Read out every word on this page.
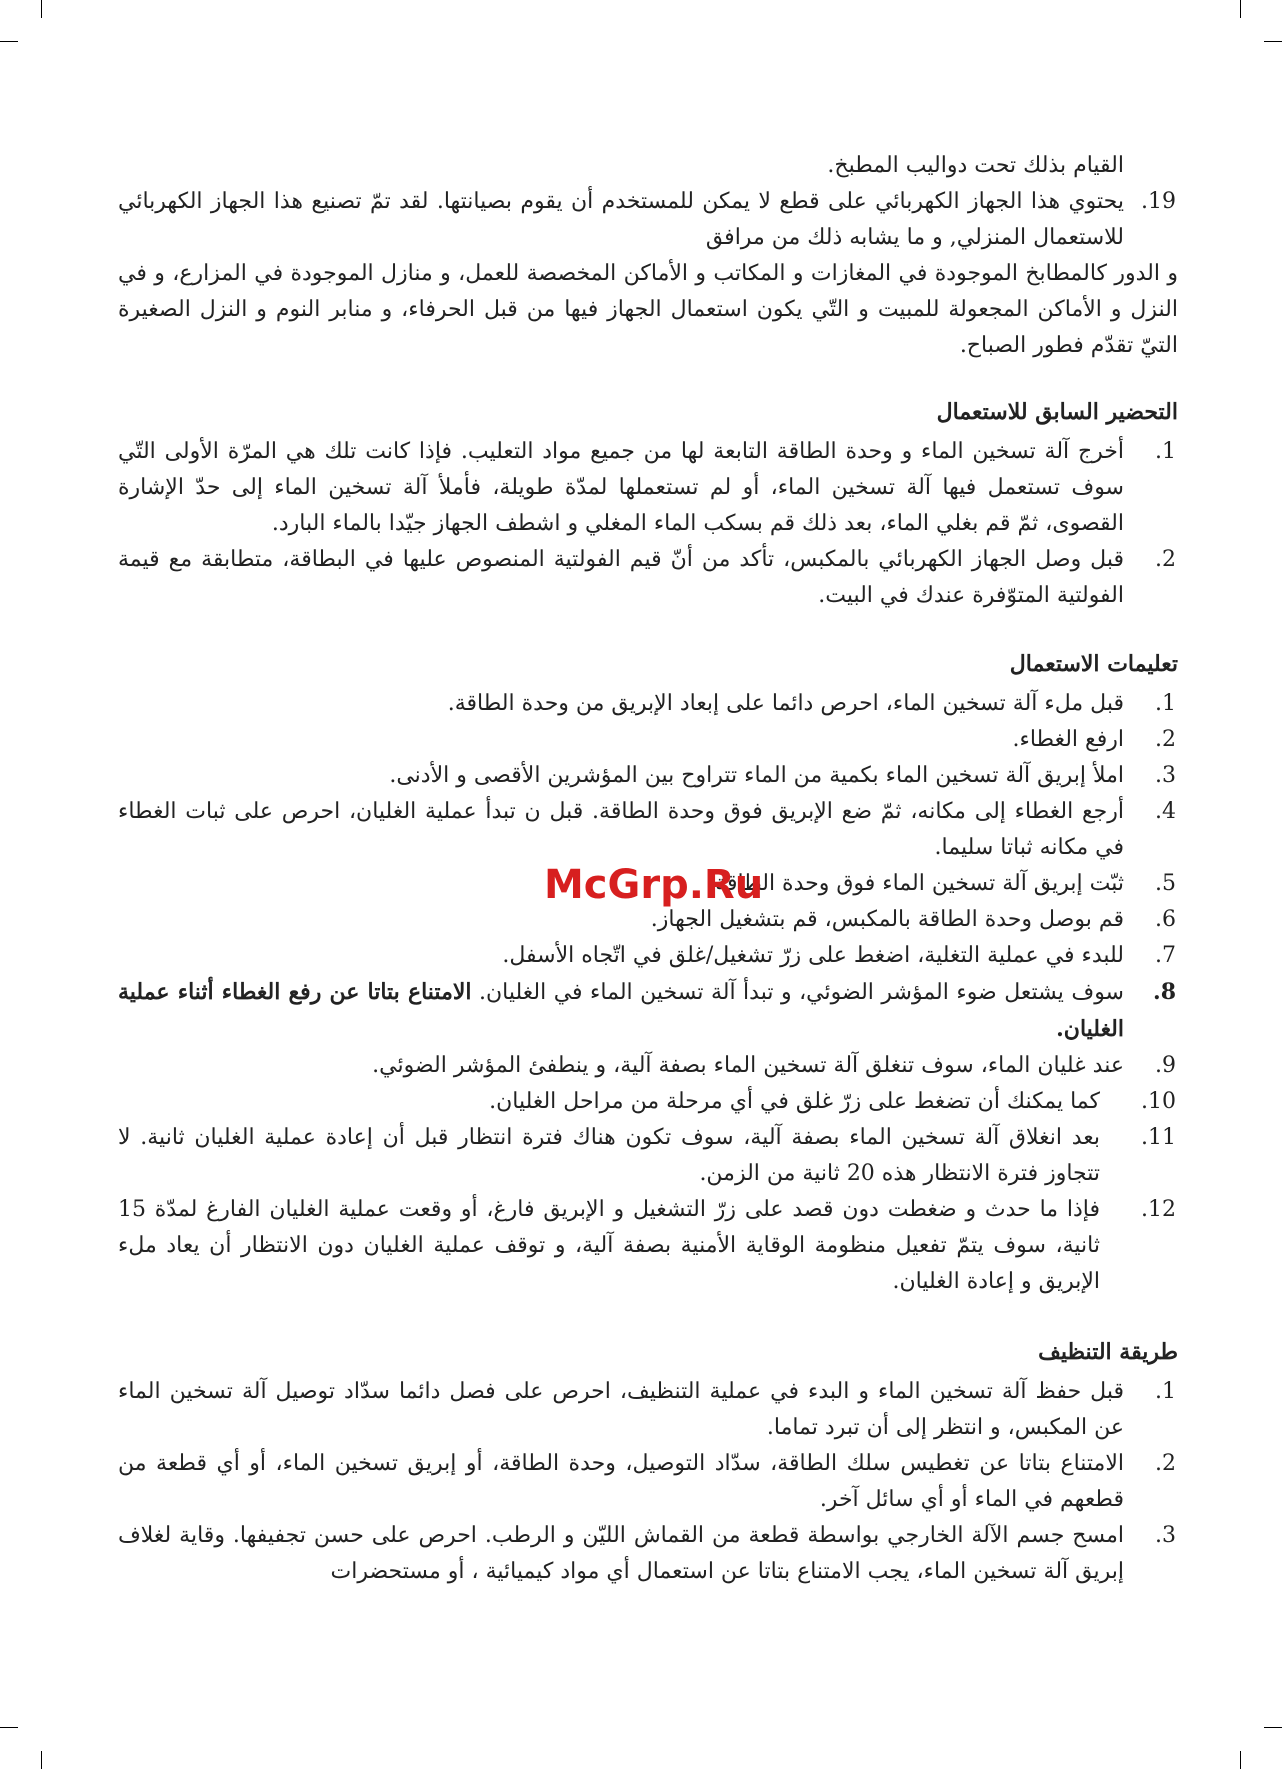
القيام بذلك تحت دواليب المطبخ.
.19
يحتوي هذا الجهاز الكهربائي على قطع لا يمكن للمستخدم أن يقوم بصيانتها. لقد تمّ تصنيع هذا الجهاز الكهربائي للاستعمال المنزلي, و ما يشابه ذلك من مرافق
و الدور كالمطابخ الموجودة في المغازات و المكاتب و الأماكن المخصصة للعمل، و منازل الموجودة في المزارع، و في النزل و الأماكن المجعولة للمبيت و التّي يكون استعمال الجهاز فيها من قبل الحرفاء، و منابر النوم و النزل الصغيرة التيّ تقدّم فطور الصباح.
التحضير السابق للاستعمال
.1
أخرج آلة تسخين الماء و وحدة الطاقة التابعة لها من جميع مواد التعليب. فإذا كانت تلك هي المرّة الأولى التّي سوف تستعمل فيها آلة تسخين الماء، أو لم تستعملها لمدّة طويلة، فأملأ آلة تسخين الماء إلى حدّ الإشارة القصوى، ثمّ قم بغلي الماء، بعد ذلك قم بسكب الماء المغلي و اشطف الجهاز جيّدا بالماء البارد.
.2
قبل وصل الجهاز الكهربائي بالمكبس، تأكد من أنّ قيم الفولتية المنصوص عليها في البطاقة، متطابقة مع قيمة الفولتية المتوّفرة عندك في البيت.
تعليمات الاستعمال
.1
قبل ملء آلة تسخين الماء، احرص دائما على إبعاد الإبريق من وحدة الطاقة.
.2
ارفع الغطاء.
.3
املأ إبريق آلة تسخين الماء بكمية من الماء تتراوح بين المؤشرين الأقصى و الأدنى.
.4
أرجع الغطاء إلى مكانه، ثمّ ضع الإبريق فوق وحدة الطاقة. قبل ن تبدأ عملية الغليان، احرص على ثبات الغطاء في مكانه ثباتا سليما.
.5
ثبّت إبريق آلة تسخين الماء فوق وحدة الطاقة.
.6
قم بوصل وحدة الطاقة بالمكبس، قم بتشغيل الجهاز.
.7
للبدء في عملية التغلية، اضغط على زرّ تشغيل/غلق في اتّجاه الأسفل.
.8
سوف يشتعل ضوء المؤشر الضوئي، و تبدأ آلة تسخين الماء في الغليان. الامتناع بتاتا عن رفع الغطاء أثناء عملية الغليان.
.9
عند غليان الماء، سوف تنغلق آلة تسخين الماء بصفة آلية، و ينطفئ المؤشر الضوئي.
.10
كما يمكنك أن تضغط على زرّ غلق في أي مرحلة من مراحل الغليان.
.11
بعد انغلاق آلة تسخين الماء بصفة آلية، سوف تكون هناك فترة انتظار قبل أن إعادة عملية الغليان ثانية. لا تتجاوز فترة الانتظار هذه 20 ثانية من الزمن.
.12
فإذا ما حدث و ضغطت دون قصد على زرّ التشغيل و الإبريق فارغ، أو وقعت عملية الغليان الفارغ لمدّة 15 ثانية، سوف يتمّ تفعيل منظومة الوقاية الأمنية بصفة آلية، و توقف عملية الغليان دون الانتظار أن يعاد ملء الإبريق و إعادة الغليان.
طريقة التنظيف
.1
قبل حفظ آلة تسخين الماء و البدء في عملية التنظيف، احرص على فصل دائما سدّاد توصيل آلة تسخين الماء عن المكبس، و انتظر إلى أن تبرد تماما.
.2
الامتناع بتاتا عن تغطيس سلك الطاقة، سدّاد التوصيل، وحدة الطاقة، أو إبريق تسخين الماء، أو أي قطعة من قطعهم في الماء أو أي سائل آخر.
.3
امسح جسم الآلة الخارجي بواسطة قطعة من القماش الليّن و الرطب. احرص على حسن تجفيفها. وقاية لغلاف إبريق آلة تسخين الماء، يجب الامتناع بتاتا عن استعمال أي مواد كيميائية ، أو مستحضرات
McGrp.Ru
